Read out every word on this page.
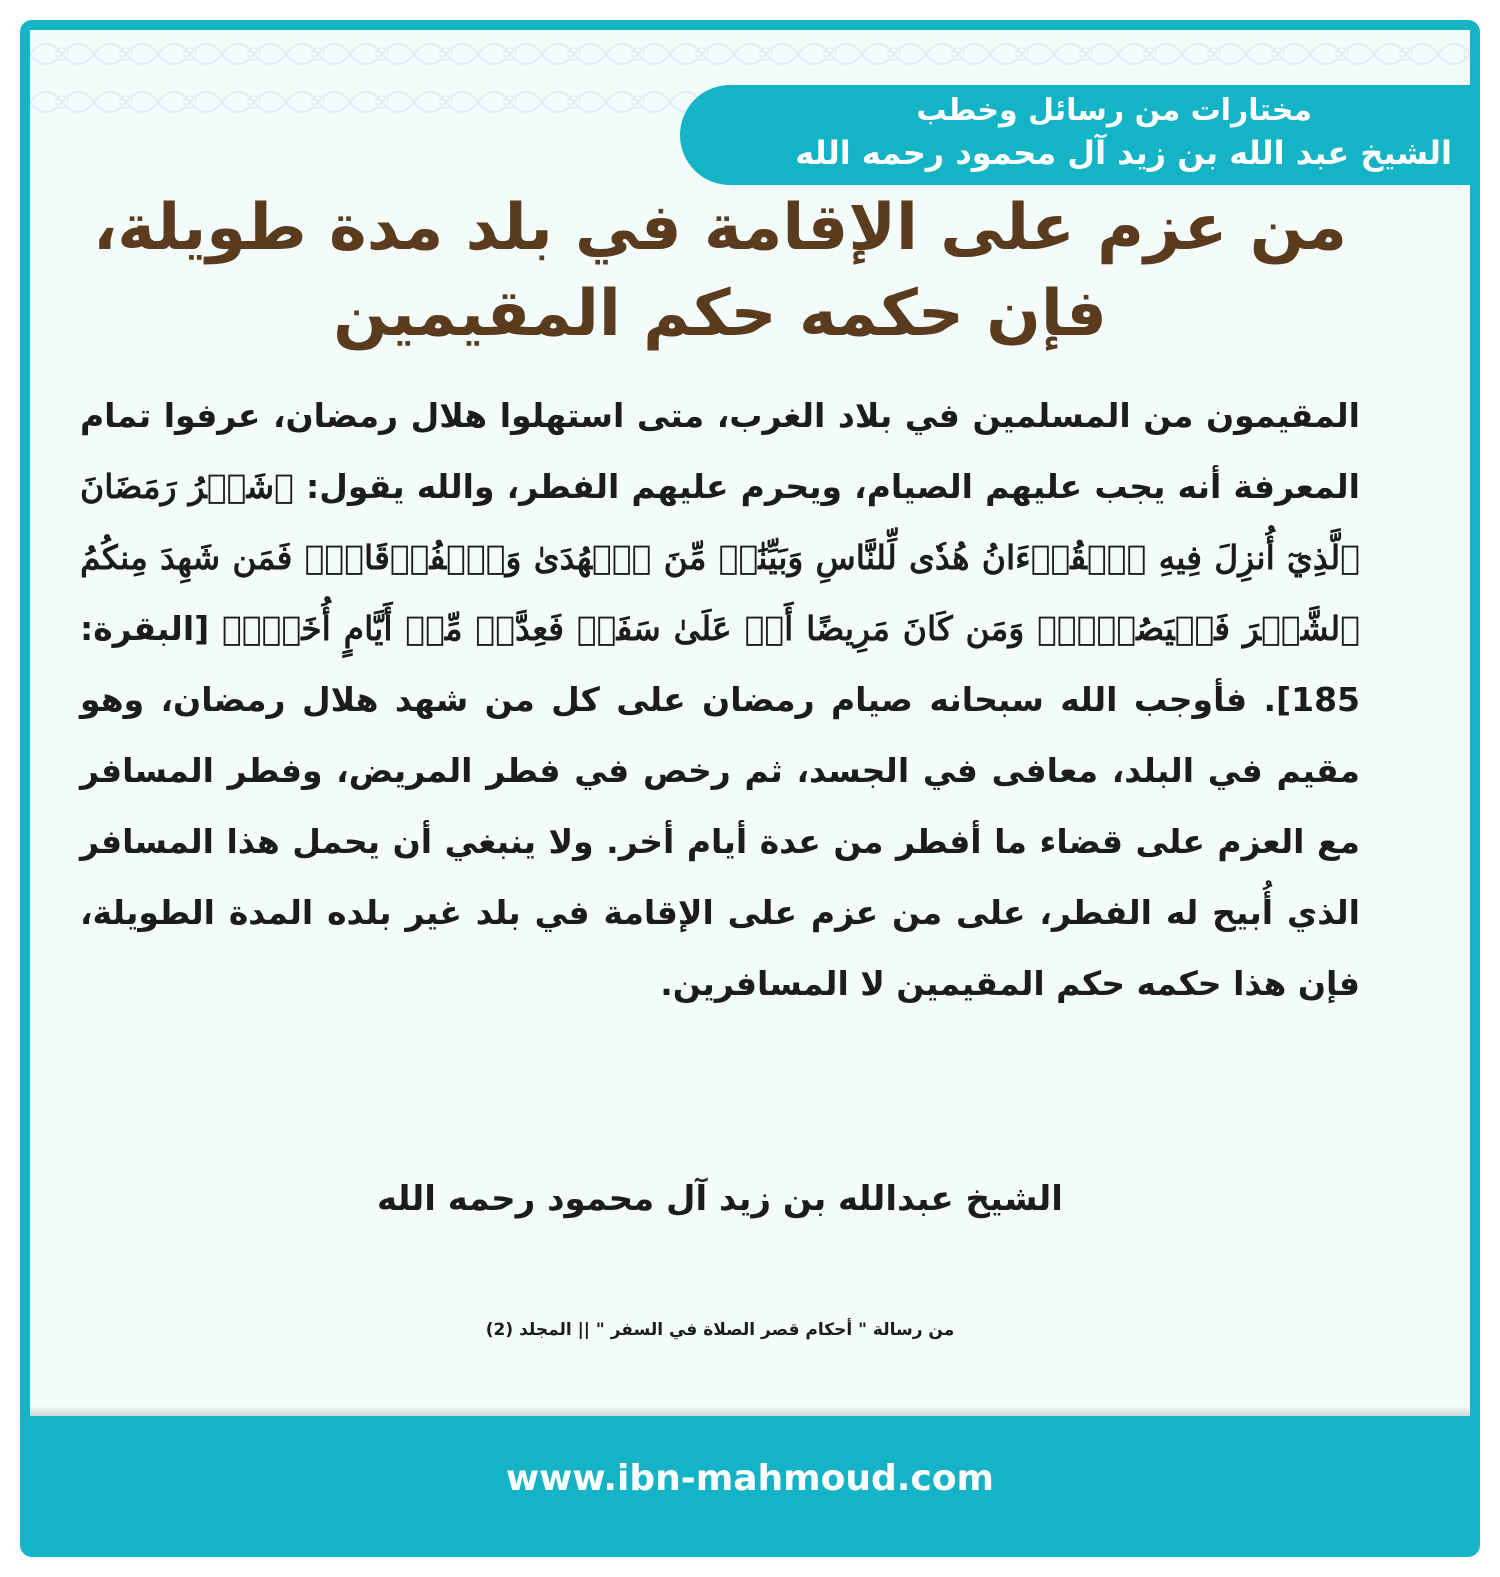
مختارات من رسائل وخطب
الشيخ عبد الله بن زيد آل محمود رحمه الله
من عزم على الإقامة في بلد مدة طويلة، فإن حكمه حكم المقيمين

المقيمون من المسلمين في بلاد الغرب، متى استهلوا هلال رمضان، عرفوا تمام المعرفة أنه يجب عليهم الصيام، ويحرم عليهم الفطر، والله يقول: ﴿شَهۡرُ رَمَضَانَ ٱلَّذِيٓ أُنزِلَ فِيهِ ٱلۡقُرۡءَانُ هُدٗى لِّلنَّاسِ وَبَيِّنَٰتٖ مِّنَ ٱلۡهُدَىٰ وَٱلۡفُرۡقَانِۚ فَمَن شَهِدَ مِنكُمُ ٱلشَّهۡرَ فَلۡيَصُمۡهُۖ وَمَن كَانَ مَرِيضًا أَوۡ عَلَىٰ سَفَرٖ فَعِدَّةٞ مِّنۡ أَيَّامٍ أُخَرَۗ﴾ [البقرة: 185]. فأوجب الله سبحانه صيام رمضان على كل من شهد هلال رمضان، وهو مقيم في البلد، معافى في الجسد، ثم رخص في فطر المريض، وفطر المسافر مع العزم على قضاء ما أفطر من عدة أيام أخر. ولا ينبغي أن يحمل هذا المسافر الذي أُبيح له الفطر، على من عزم على الإقامة في بلد غير بلده المدة الطويلة، فإن هذا حكمه حكم المقيمين لا المسافرين.

الشيخ عبدالله بن زيد آل محمود رحمه الله
من رسالة " أحكام قصر الصلاة في السفر " || المجلد (2)
www.ibn-mahmoud.com
